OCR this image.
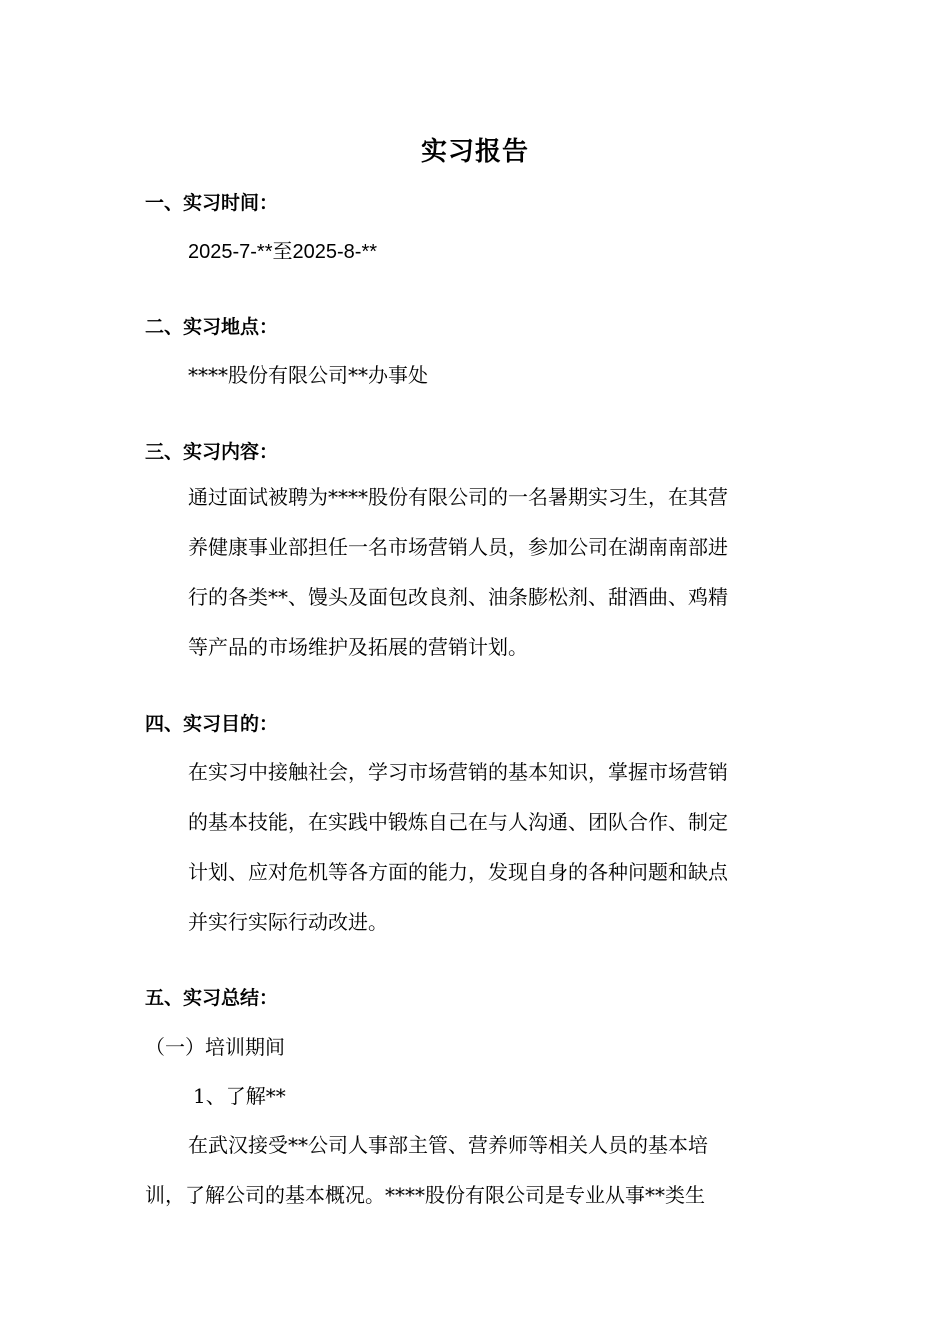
实习报告
一、实习时间：
2025-7-**至2025-8-**
二、实习地点：
****股份有限公司**办事处
三、实习内容：

通过面试被聘为****股份有限公司的一名暑期实习生，在其营

养健康事业部担任一名市场营销人员，参加公司在湖南南部进

行的各类**、馒头及面包改良剂、油条膨松剂、甜酒曲、鸡精

等产品的市场维护及拓展的营销计划。

四、实习目的：

在实习中接触社会，学习市场营销的基本知识，掌握市场营销

的基本技能，在实践中锻炼自己在与人沟通、团队合作、制定

计划、应对危机等各方面的能力，发现自身的各种问题和缺点

并实行实际行动改进。

五、实习总结：
（一）培训期间
1、了解**
在武汉接受**公司人事部主管、营养师等相关人员的基本培
训，了解公司的基本概况。****股份有限公司是专业从事**类生
